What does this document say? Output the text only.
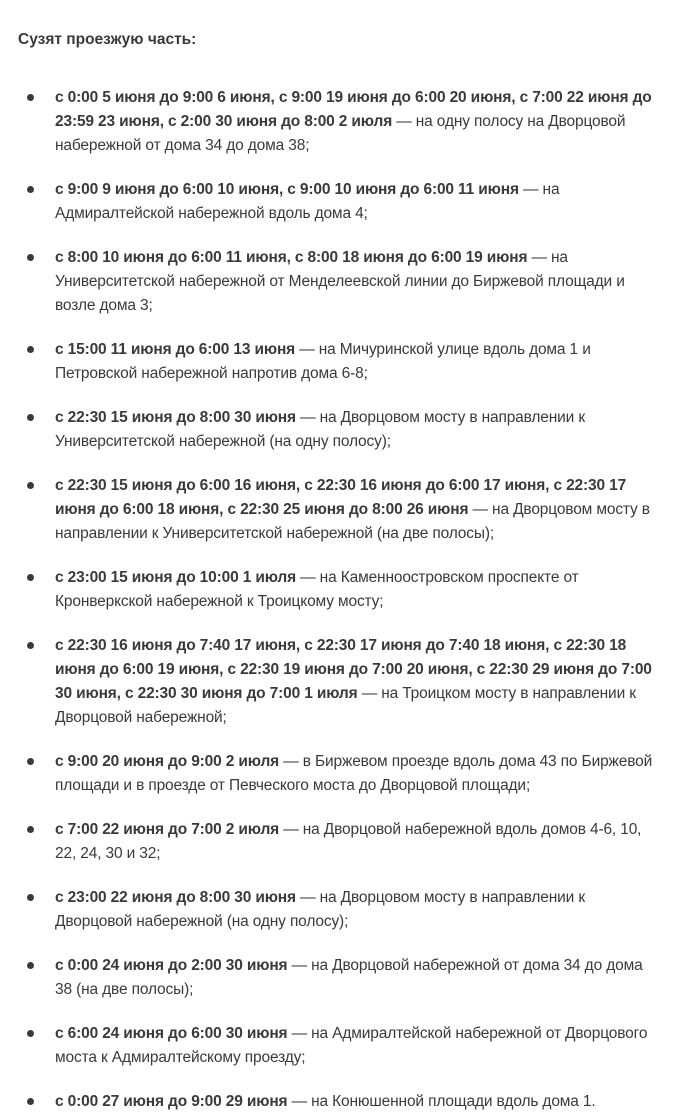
Сузят проезжую часть:

с 0:00 5 июня до 9:00 6 июня, с 9:00 19 июня до 6:00 20 июня, с 7:00 22 июня до 23:59 23 июня, с 2:00 30 июня до 8:00 2 июля — на одну полосу на Дворцовой набережной от дома 34 до дома 38;
с 9:00 9 июня до 6:00 10 июня, с 9:00 10 июня до 6:00 11 июня — на Адмиралтейской набережной вдоль дома 4;
с 8:00 10 июня до 6:00 11 июня, с 8:00 18 июня до 6:00 19 июня — на Университетской набережной от Менделеевской линии до Биржевой площади и возле дома 3;
с 15:00 11 июня до 6:00 13 июня — на Мичуринской улице вдоль дома 1 и Петровской набережной напротив дома 6-8;
с 22:30 15 июня до 8:00 30 июня — на Дворцовом мосту в направлении к Университетской набережной (на одну полосу);
с 22:30 15 июня до 6:00 16 июня, с 22:30 16 июня до 6:00 17 июня, с 22:30 17 июня до 6:00 18 июня, с 22:30 25 июня до 8:00 26 июня — на Дворцовом мосту в направлении к Университетской набережной (на две полосы);
с 23:00 15 июня до 10:00 1 июля — на Каменноостровском проспекте от Кронверкской набережной к Троицкому мосту;
с 22:30 16 июня до 7:40 17 июня, с 22:30 17 июня до 7:40 18 июня, с 22:30 18 июня до 6:00 19 июня, с 22:30 19 июня до 7:00 20 июня, с 22:30 29 июня до 7:00 30 июня, с 22:30 30 июня до 7:00 1 июля — на Троицком мосту в направлении к Дворцовой набережной;
с 9:00 20 июня до 9:00 2 июля — в Биржевом проезде вдоль дома 43 по Биржевой площади и в проезде от Певческого моста до Дворцовой площади;
с 7:00 22 июня до 7:00 2 июля — на Дворцовой набережной вдоль домов 4-6, 10, 22, 24, 30 и 32;
с 23:00 22 июня до 8:00 30 июня — на Дворцовом мосту в направлении к Дворцовой набережной (на одну полосу);
с 0:00 24 июня до 2:00 30 июня — на Дворцовой набережной от дома 34 до дома 38 (на две полосы);
с 6:00 24 июня до 6:00 30 июня — на Адмиралтейской набережной от Дворцового моста к Адмиралтейскому проезду;
с 0:00 27 июня до 9:00 29 июня — на Конюшенной площади вдоль дома 1.
